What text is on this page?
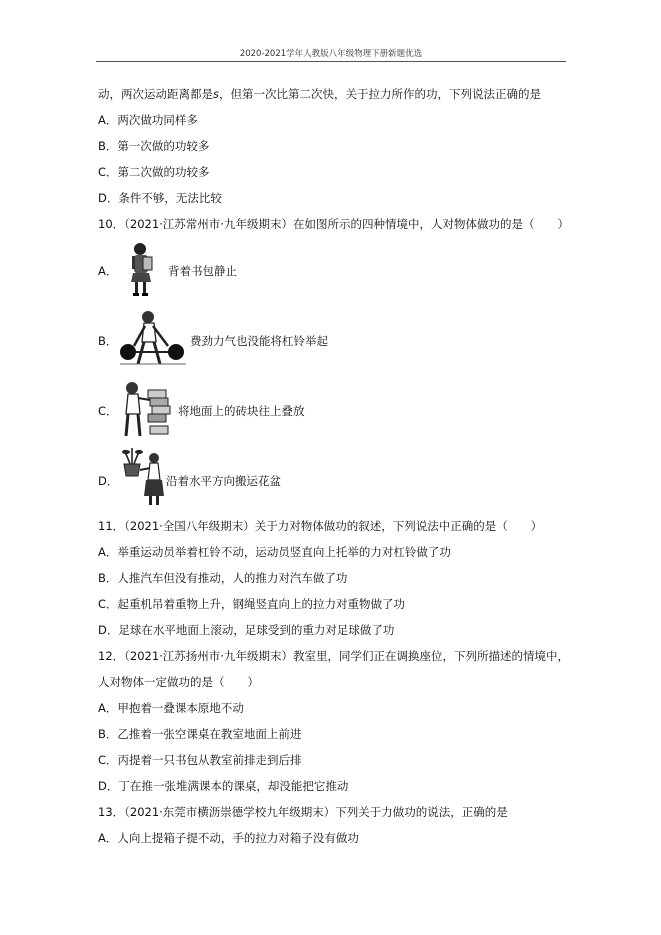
2020-2021学年人教版八年级物理下册新题优选
动，两次运动距离都是s，但第一次比第二次快，关于拉力所作的功，下列说法正确的是
A．两次做功同样多
B．第一次做的功较多
C．第二次做的功较多
D．条件不够，无法比较
10．（2021·江苏常州市·九年级期末）在如图所示的四种情境中，人对物体做功的是（　　）
A．	背着书包静止
B．	费劲力气也没能将杠铃举起
C．	将地面上的砖块往上叠放
D．	沿着水平方向搬运花盆
11．（2021·全国八年级期末）关于力对物体做功的叙述，下列说法中正确的是（　　）
A．举重运动员举着杠铃不动，运动员竖直向上托举的力对杠铃做了功
B．人推汽车但没有推动，人的推力对汽车做了功
C．起重机吊着重物上升，钢绳竖直向上的拉力对重物做了功
D．足球在水平地面上滚动，足球受到的重力对足球做了功
12．（2021·江苏扬州市·九年级期末）教室里，同学们正在调换座位，下列所描述的情境中，
人对物体一定做功的是（　　）
A．甲抱着一叠课本原地不动
B．乙推着一张空课桌在教室地面上前进
C．丙提着一只书包从教室前排走到后排
D．丁在推一张堆满课本的课桌，却没能把它推动
13．（2021·东莞市横沥崇德学校九年级期末）下列关于力做功的说法，正确的是
A．人向上提箱子提不动，手的拉力对箱子没有做功
